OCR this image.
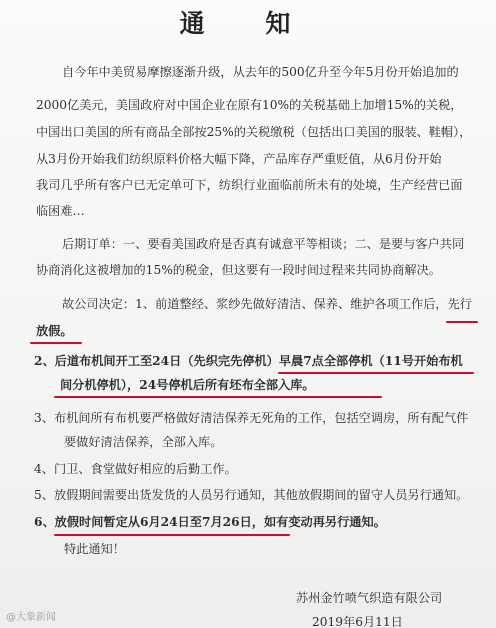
通 知
自今年中美贸易摩擦逐渐升级，从去年的500亿升至今年5月份开始追加的
2000亿美元，美国政府对中国企业在原有10%的关税基础上加增15%的关税，
中国出口美国的所有商品全部按25%的关税缴税（包括出口美国的服装、鞋帽），
从3月份开始我们纺织原料价格大幅下降，产品库存严重贬值，从6月份开始
我司几乎所有客户已无定单可下，纺织行业面临前所未有的处境，生产经营已面
临困难…
后期订单：一、要看美国政府是否真有诚意平等相谈；二、是要与客户共同
协商消化这被增加的15%的税金，但这要有一段时间过程来共同协商解决。
故公司决定：1、前道整经、浆纱先做好清洁、保养、维护各项工作后，先行
放假。
2、后道布机间开工至24日（先织完先停机）早晨7点全部停机（11号开始布机
间分机停机），24号停机后所有坯布全部入库。
3、布机间所有布机要严格做好清洁保养无死角的工作，包括空调房，所有配气件
要做好清洁保养，全部入库。
4、门卫、食堂做好相应的后勤工作。
5、放假期间需要出货发货的人员另行通知，其他放假期间的留守人员另行通知。
6、放假时间暂定从6月24日至7月26日，如有变动再另行通知。
特此通知！
苏州金竹喷气织造有限公司
2019年6月11日
@大象新闻
